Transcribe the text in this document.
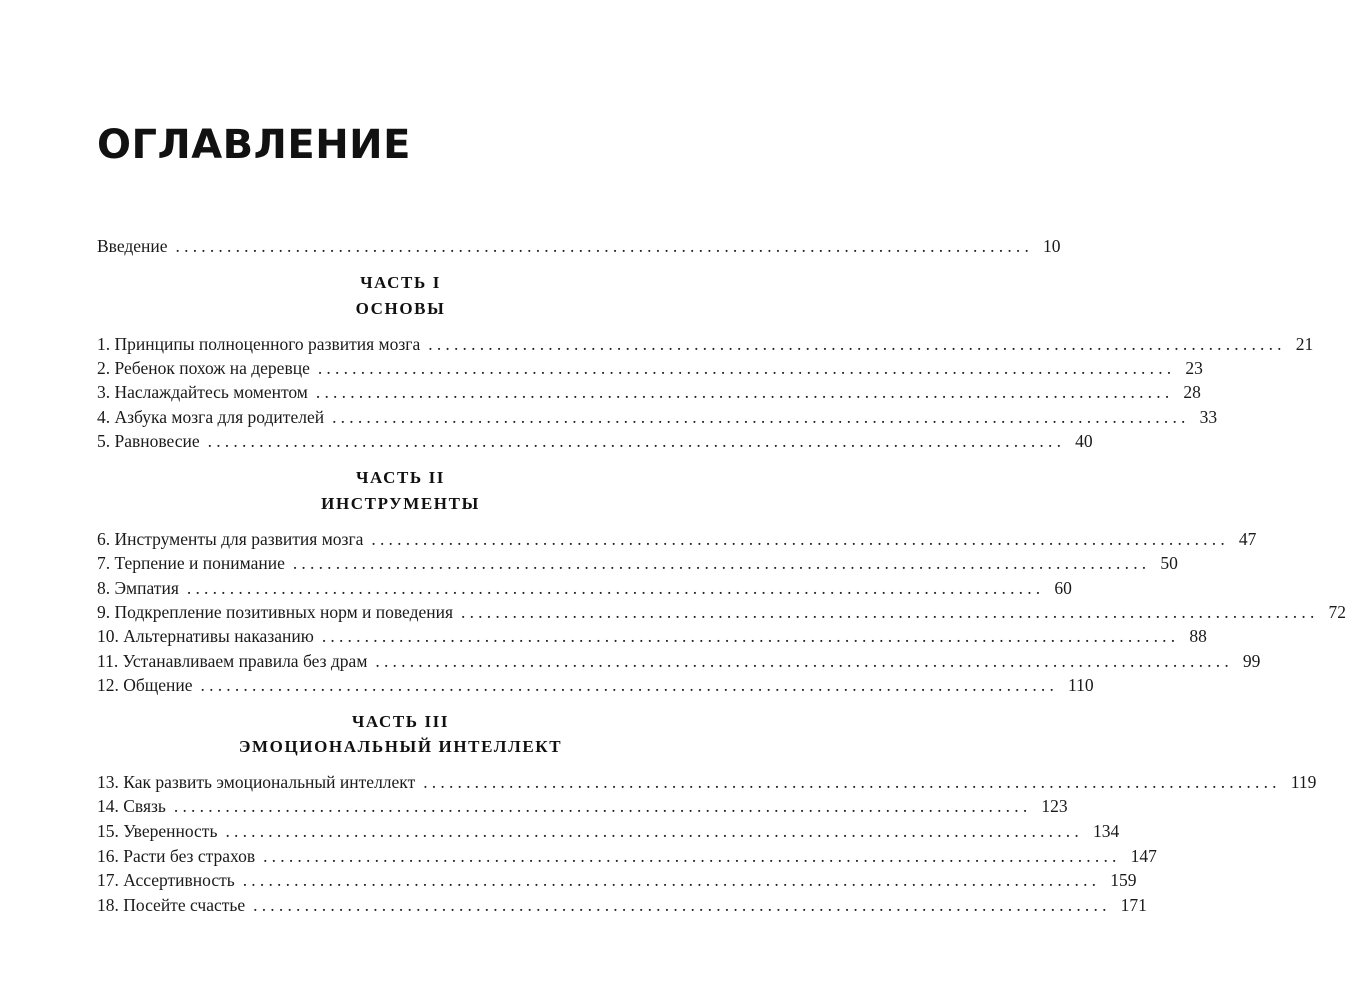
ОГЛАВЛЕНИЕ
Введение .................................................................................................... 10
ЧАСТЬ I
ОСНОВЫ
1. Принципы полноценного развития мозга .................................................................................................... 21
2. Ребенок похож на деревце .................................................................................................... 23
3. Наслаждайтесь моментом .................................................................................................... 28
4. Азбука мозга для родителей .................................................................................................... 33
5. Равновесие .................................................................................................... 40
ЧАСТЬ II
ИНСТРУМЕНТЫ
6. Инструменты для развития мозга .................................................................................................... 47
7. Терпение и понимание .................................................................................................... 50
8. Эмпатия .................................................................................................... 60
9. Подкрепление позитивных норм и поведения .................................................................................................... 72
10. Альтернативы наказанию .................................................................................................... 88
11. Устанавливаем правила без драм .................................................................................................... 99
12. Общение .................................................................................................... 110
ЧАСТЬ III
ЭМОЦИОНАЛЬНЫЙ ИНТЕЛЛЕКТ
13. Как развить эмоциональный интеллект .................................................................................................... 119
14. Связь .................................................................................................... 123
15. Уверенность .................................................................................................... 134
16. Расти без страхов .................................................................................................... 147
17. Ассертивность .................................................................................................... 159
18. Посейте счастье .................................................................................................... 171
